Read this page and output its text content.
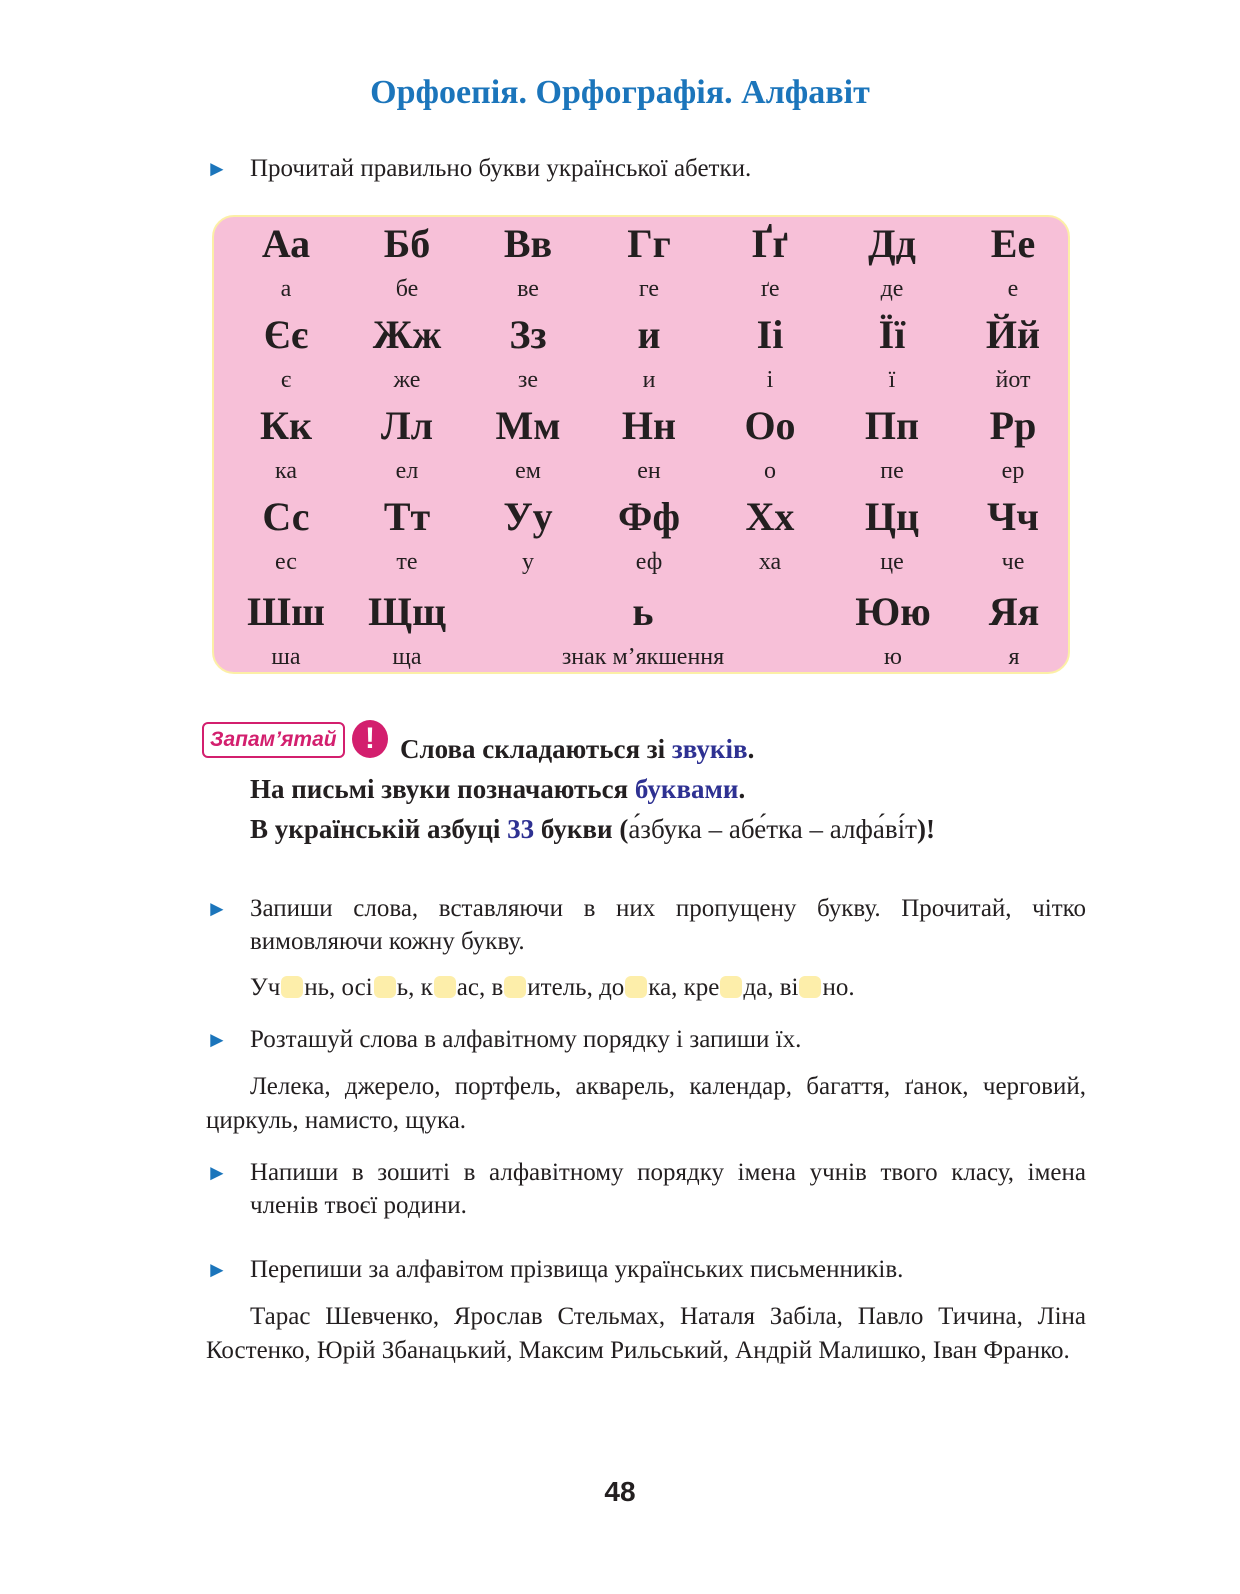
Орфоепія. Орфографія. Алфавіт
► Прочитай правильно букви української абетки.
Аа
а
Бб
бе
Вв
ве
Гг
ге
Ґґ
ґе
Дд
де
Ее
е
Єє
є
Жж
же
Зз
зе
и
и
Іі
і
Її
ї
Йй
йот
Кк
ка
Лл
ел
Мм
ем
Нн
ен
Оо
о
Пп
пе
Рр
ер
Сс
ес
Тт
те
Уу
у
Фф
еф
Хх
ха
Цц
це
Чч
че
Шш
ша
Щщ
ща
ь
знак м’якшення
Юю
ю
Яя
я
Запам’ятай ! Слова складаються зі звуків.
На письмі звуки позначаються буквами.
В українській азбуці 33 букви (а́збука – абе́тка – алфа́ві́т)!
► Запиши слова, вставляючи в них пропущену букву. Прочитай, чітко вимовляючи кожну букву.
Уч нь, осі ь, к ас, в итель, до ка, кре да, ві но.
► Розташуй слова в алфавітному порядку і запиши їх.
Лелека, джерело, портфель, акварель, календар, багаття, ґанок, черговий, циркуль, намисто, щука.
► Напиши в зошиті в алфавітному порядку імена учнів твого класу, імена членів твоєї родини.
► Перепиши за алфавітом прізвища українських письменників.
Тарас Шевченко, Ярослав Стельмах, Наталя Забіла, Павло Тичина, Ліна Костенко, Юрій Збанацький, Максим Рильський, Андрій Малишко, Іван Франко.
48
